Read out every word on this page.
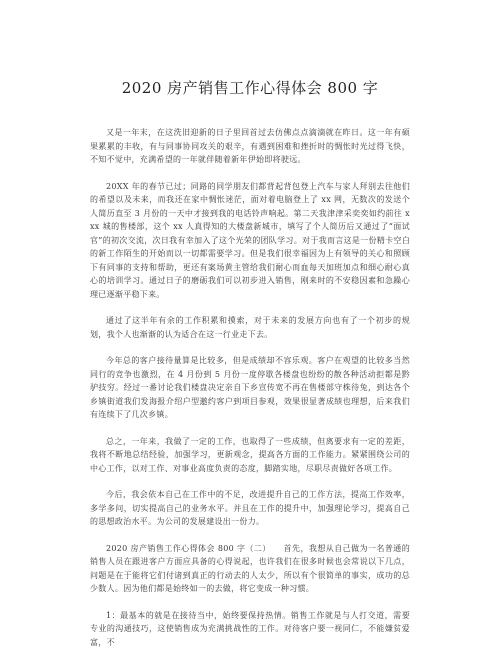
2020 房产销售工作心得体会 800 字

又是一年末，在这洗旧迎新的日子里回首过去仿佛点点滴滴就在昨日。这一年有硕果累累的丰收，有与同事协同攻关的艰辛，有遇到困难和挫折时的惆怅时光过得飞快，不知不觉中，充满希望的一年就伴随着新年伊始即将驶远。

20XX 年的春节已过；同路的同学朋友们都背起背包登上汽车与家人拜别去往他们的希望以及未来，而我还在家中惆怅迷茫，面对着电脑登上了 xx 网，无数次的发送个人简历直至 3 月份的一天中才接到我的电话铃声响起。第二天我津津采奕奕如约前往 xxx 城的售楼部，这个 xx 人真得知的大楼盘新城市，填写了个人简历后又通过了“面试官”的初次交流，次日我有幸加入了这个光荣的团队学习。对于我而言这是一份精卡空白的新工作陌生的开始而以一切都需要学习。但是我们很幸福因为上有领导的关心和照顾下有同事的支持和帮助，更还有案场黄主管给我们耐心而血每天加班加点和细心耐心真心的培训学习。通过日子的磨砺我们可以初步进入销售，刚来时的不安稳因素和急躁心理已逐渐平稳下来。

通过了这半年有余的工作积累和摸索，对于未来的发展方向也有了一个初步的规划，我个人也渐渐的认为适合在这一行业走下去。

今年总的客户接待量算是比较多，但是成绩却不容乐观。客户在观望的比较多当然同行的竞争也激烈，在 4 月份到 5 月份一度停歇各楼盘也纷纷的散各种活动拒都是黔驴技穷。经过一番讨论我们楼盘决定亲自下乡宣传宽不再在售楼部守株待兔，到达各个乡镇街道我们发海报介绍户型邀约客户到项目参观，效果很显著成绩也理想，后来我们有连续下了几次乡镇。

总之，一年来，我做了一定的工作，也取得了一些成绩，但离要求有一定的差距，我将不断地总结经验，加强学习，更新观念，提高各方面的工作能力。紧紧围绕公司的中心工作，以对工作、对事业高度负责的态度，脚踏实地，尽职尽责做好各项工作。

今后，我会依本自己在工作中的不足，改进提升自己的工作方法，提高工作效率，多学多问，切实提高自己的业务水平。并且在工作的提升中，加强理论学习，提高自己的思想政治水平。为公司的发展建设出一份力。

2020 房产销售工作心得体会 800 字（二）　　首先，我想从自己做为一名普通的销售人员在跟进客户方面应具备的心得说起，也许我们在很多时候也会常说以下几点，问题是在于能将它们付诸到真正的行动去的人太少，所以有个很简单的事实，成功的总少数人。因为他们都是始终如一的去做，将它变成一种习惯。

1：最基本的就是在接待当中，始终要保持热情。销售工作就是与人打交道，需要专业的沟通技巧，这使销售成为充满挑战性的工作。对待客户要一视同仁，不能嫌贫爱富，不
